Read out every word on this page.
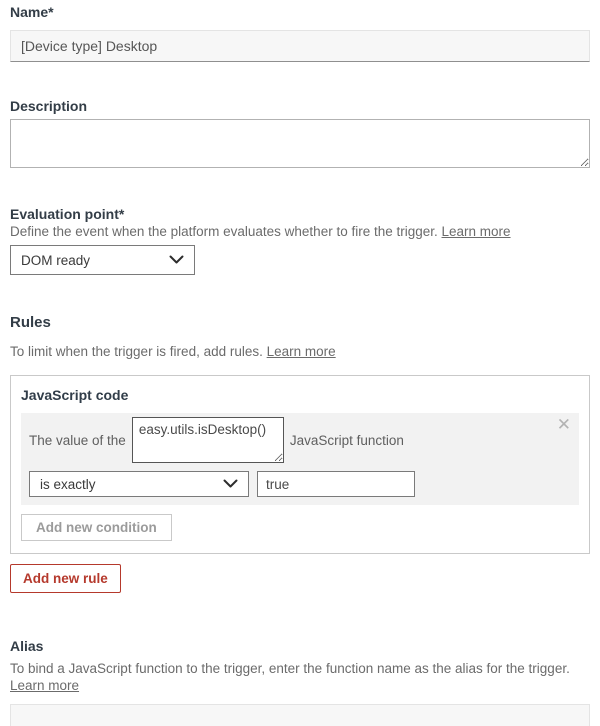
Name*
[Device type] Desktop
Description
Evaluation point*
Define the event when the platform evaluates whether to fire the trigger. Learn more
DOM ready
Rules
To limit when the trigger is fired, add rules. Learn more
JavaScript code
✕
The value of the
easy.utils.isDesktop()	JavaScript function
is exactly
true
Add new condition
Add new rule
Alias
To bind a JavaScript function to the trigger, enter the function name as the alias for the trigger. Learn more
